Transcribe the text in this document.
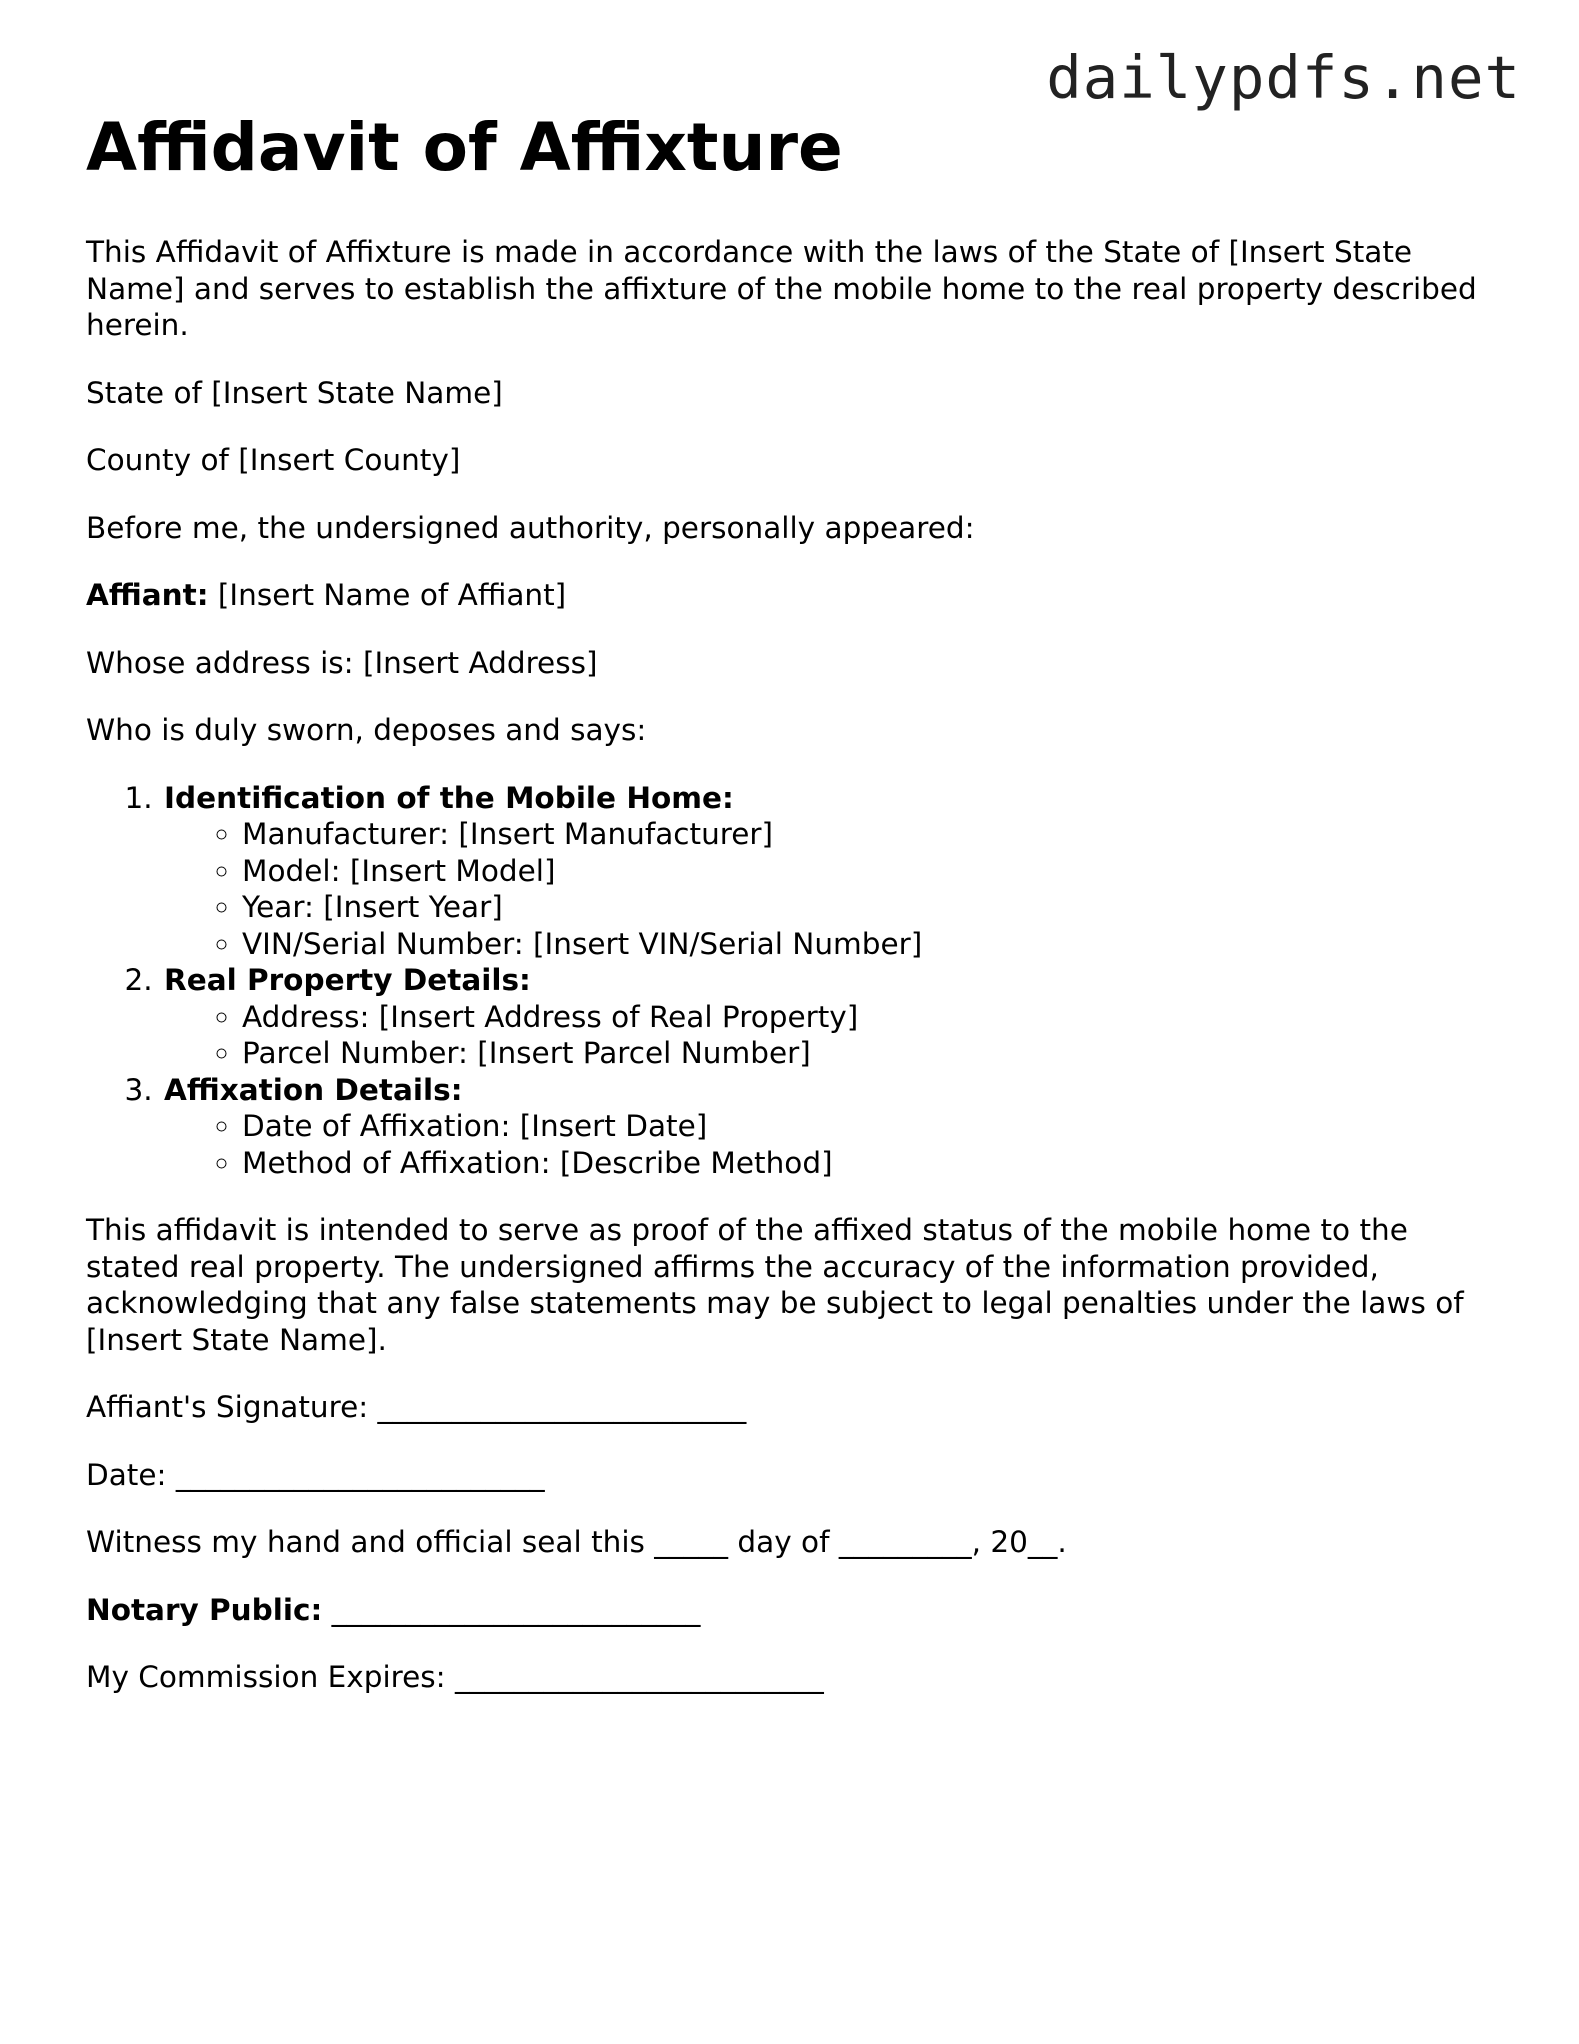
dailypdfs.net
Affidavit of Affixture

This Affidavit of Affixture is made in accordance with the laws of the State of [Insert State Name] and serves to establish the affixture of the mobile home to the real property described herein.

State of [Insert State Name]

County of [Insert County]

Before me, the undersigned authority, personally appeared:

Affiant: [Insert Name of Affiant]

Whose address is: [Insert Address]

Who is duly sworn, deposes and says:

1. Identification of the Mobile Home:
◦ Manufacturer: [Insert Manufacturer]
◦ Model: [Insert Model]
◦ Year: [Insert Year]
◦ VIN/Serial Number: [Insert VIN/Serial Number]
2. Real Property Details:
◦ Address: [Insert Address of Real Property]
◦ Parcel Number: [Insert Parcel Number]
3. Affixation Details:
◦ Date of Affixation: [Insert Date]
◦ Method of Affixation: [Describe Method]

This affidavit is intended to serve as proof of the affixed status of the mobile home to the stated real property. The undersigned affirms the accuracy of the information provided, acknowledging that any false statements may be subject to legal penalties under the laws of [Insert State Name].

Affiant's Signature: _________________________

Date: _________________________

Witness my hand and official seal this _____ day of _________, 20__.

Notary Public: _________________________

My Commission Expires: _________________________
